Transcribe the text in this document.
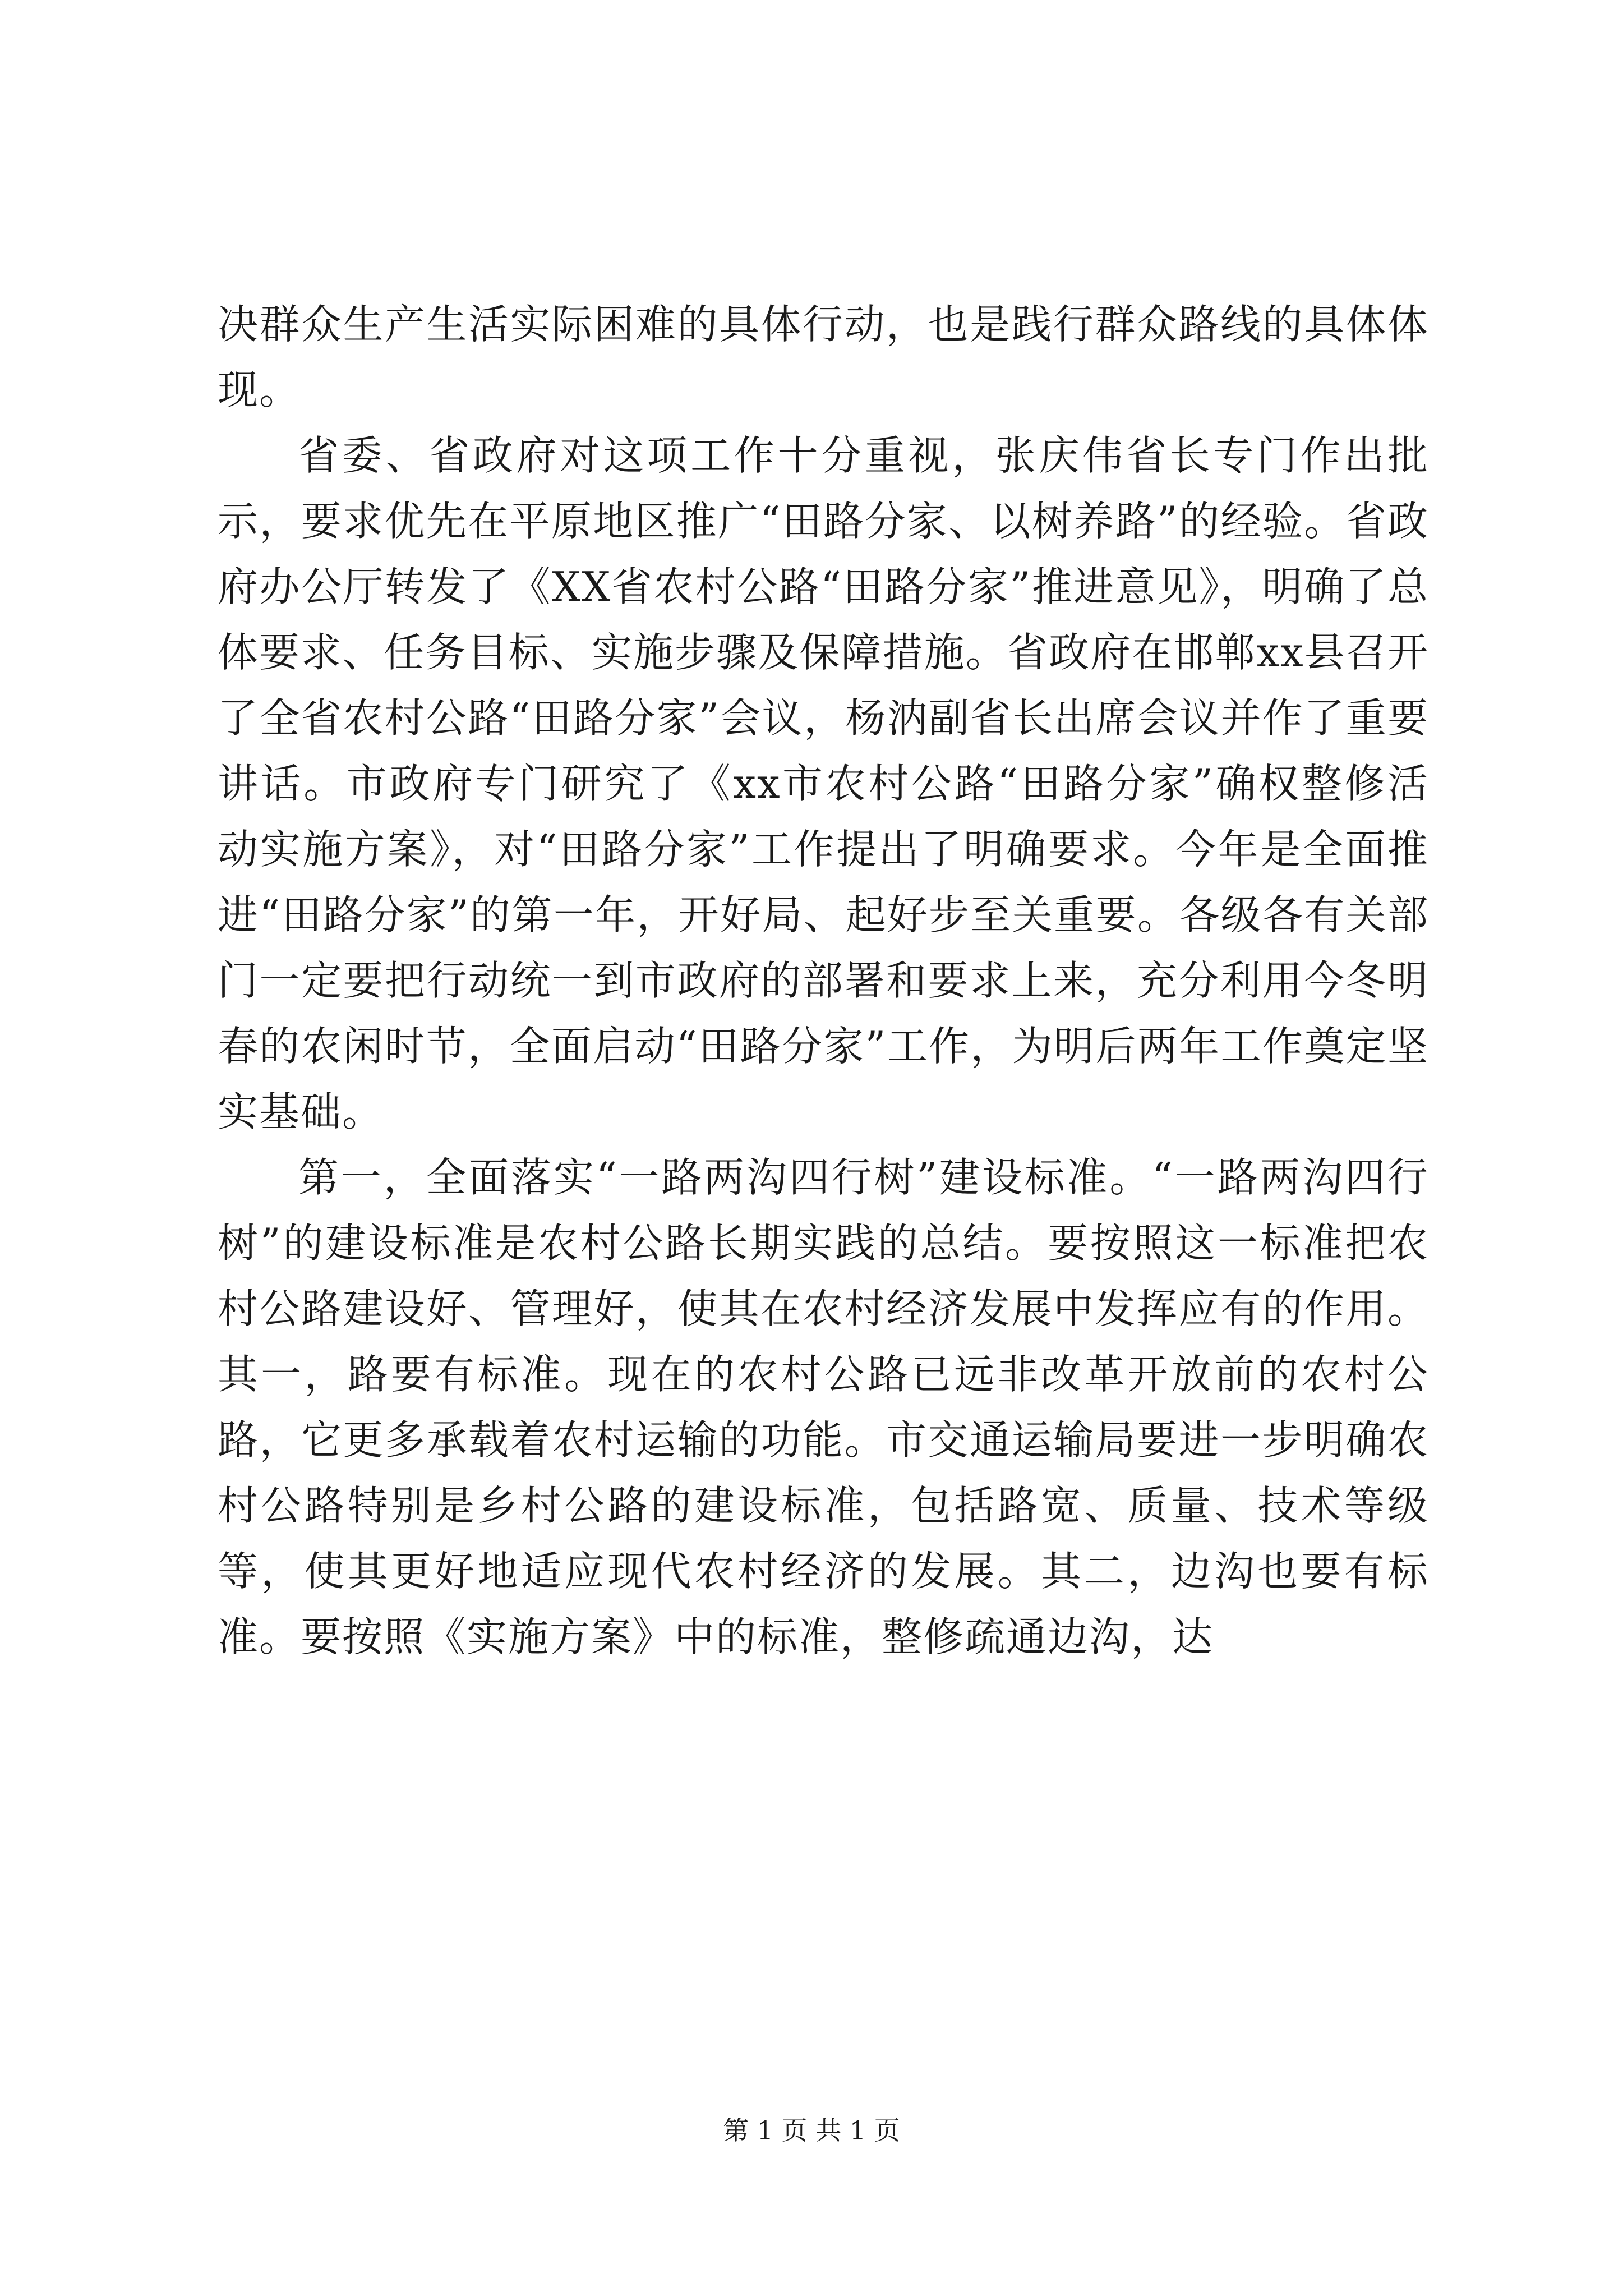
决群众生产生活实际困难的具体行动，也是践行群众路线的具体体现。

省委、省政府对这项工作十分重视，张庆伟省长专门作出批示，要求优先在平原地区推广“田路分家、以树养路”的经验。省政府办公厅转发了《XX省农村公路“田路分家”推进意见》，明确了总体要求、任务目标、实施步骤及保障措施。省政府在邯郸xx县召开了全省农村公路“田路分家”会议，杨汭副省长出席会议并作了重要讲话。市政府专门研究了《xx市农村公路“田路分家”确权整修活动实施方案》，对“田路分家”工作提出了明确要求。今年是全面推进“田路分家”的第一年，开好局、起好步至关重要。各级各有关部门一定要把行动统一到市政府的部署和要求上来，充分利用今冬明春的农闲时节，全面启动“田路分家”工作，为明后两年工作奠定坚实基础。

第一，全面落实“一路两沟四行树”建设标准。“一路两沟四行树”的建设标准是农村公路长期实践的总结。要按照这一标准把农村公路建设好、管理好，使其在农村经济发展中发挥应有的作用。其一，路要有标准。现在的农村公路已远非改革开放前的农村公路，它更多承载着农村运输的功能。市交通运输局要进一步明确农村公路特别是乡村公路的建设标准，包括路宽、质量、技术等级等，使其更好地适应现代农村经济的发展。其二，边沟也要有标准。要按照《实施方案》中的标准，整修疏通边沟，达

第 1 页 共 1 页
